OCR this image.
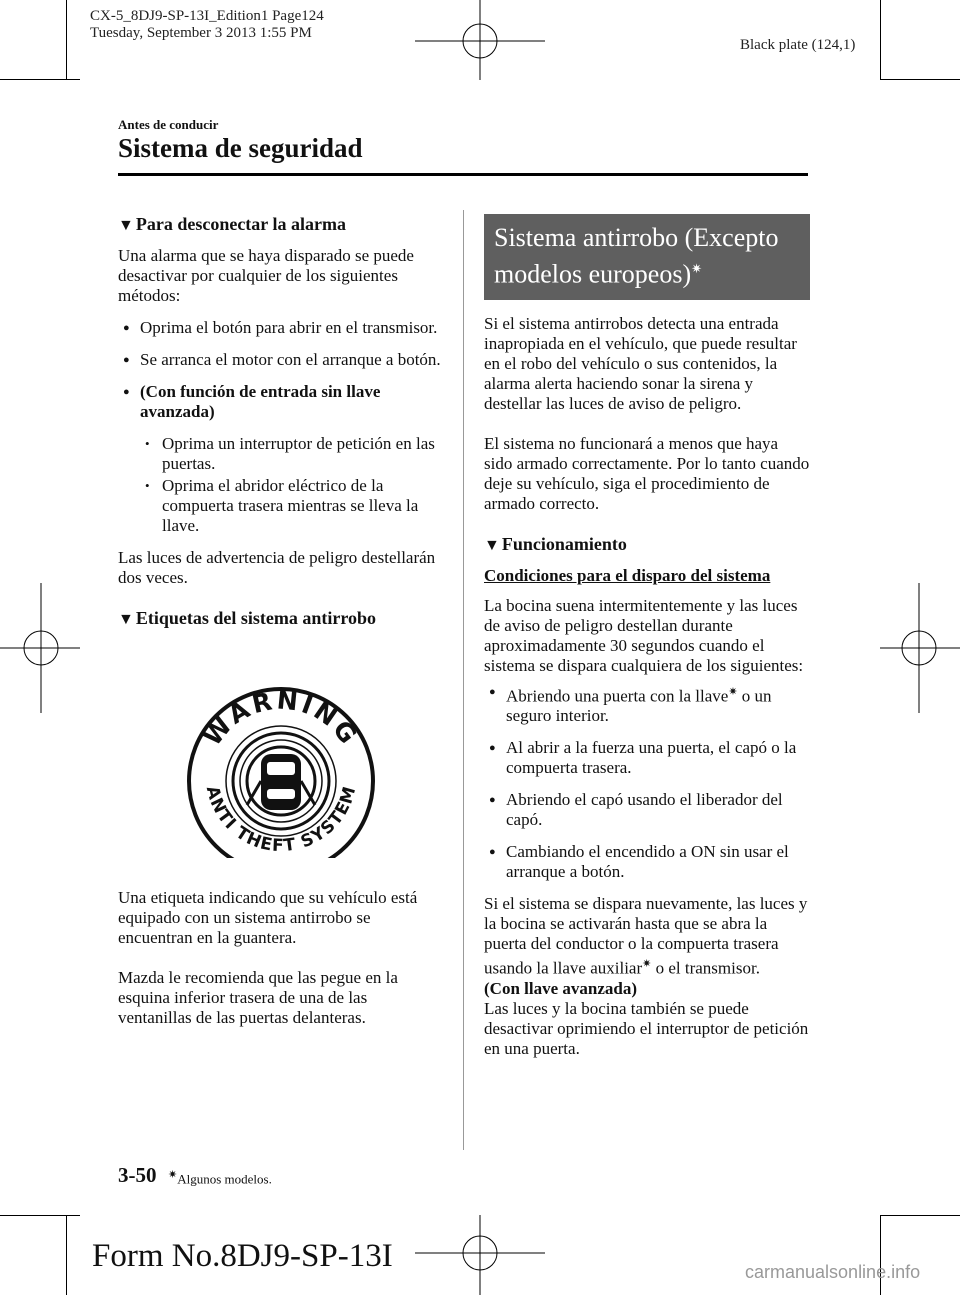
CX-5_8DJ9-SP-13I_Edition1 Page124
Tuesday, September 3 2013 1:55 PM
Black plate (124,1)
Antes de conducir
Sistema de seguridad
▼ Para desconectar la alarma

Una alarma que se haya disparado se puede desactivar por cualquier de los siguientes métodos:

● Oprima el botón para abrir en el transmisor.
● Se arranca el motor con el arranque a botón.
● (Con función de entrada sin llave avanzada)
• Oprima un interruptor de petición en las puertas.
• Oprima el abridor eléctrico de la compuerta trasera mientras se lleva la llave.

Las luces de advertencia de peligro destellarán dos veces.

▼ Etiquetas del sistema antirrobo
WARNING
ANTI THEFT SYSTEM

Una etiqueta indicando que su vehículo está equipado con un sistema antirrobo se encuentran en la guantera.

Mazda le recomienda que las pegue en la esquina inferior trasera de una de las ventanillas de las puertas delanteras.

Sistema antirrobo (Excepto modelos europeos)✷

Si el sistema antirrobos detecta una entrada inapropiada en el vehículo, que puede resultar en el robo del vehículo o sus contenidos, la alarma alerta haciendo sonar la sirena y destellar las luces de aviso de peligro.

El sistema no funcionará a menos que haya sido armado correctamente. Por lo tanto cuando deje su vehículo, siga el procedimiento de armado correcto.

▼ Funcionamiento

Condiciones para el disparo del sistema

La bocina suena intermitentemente y las luces de aviso de peligro destellan durante aproximadamente 30 segundos cuando el sistema se dispara cualquiera de los siguientes:

● Abriendo una puerta con la llave✷ o un seguro interior.
● Al abrir a la fuerza una puerta, el capó o la compuerta trasera.
● Abriendo el capó usando el liberador del capó.
● Cambiando el encendido a ON sin usar el arranque a botón.

Si el sistema se dispara nuevamente, las luces y la bocina se activarán hasta que se abra la puerta del conductor o la compuerta trasera usando la llave auxiliar✷ o el transmisor.

(Con llave avanzada)

Las luces y la bocina también se puede desactivar oprimiendo el interruptor de petición en una puerta.

3-50 ✷Algunos modelos.
Form No.8DJ9-SP-13I	carmanualsonline.info
